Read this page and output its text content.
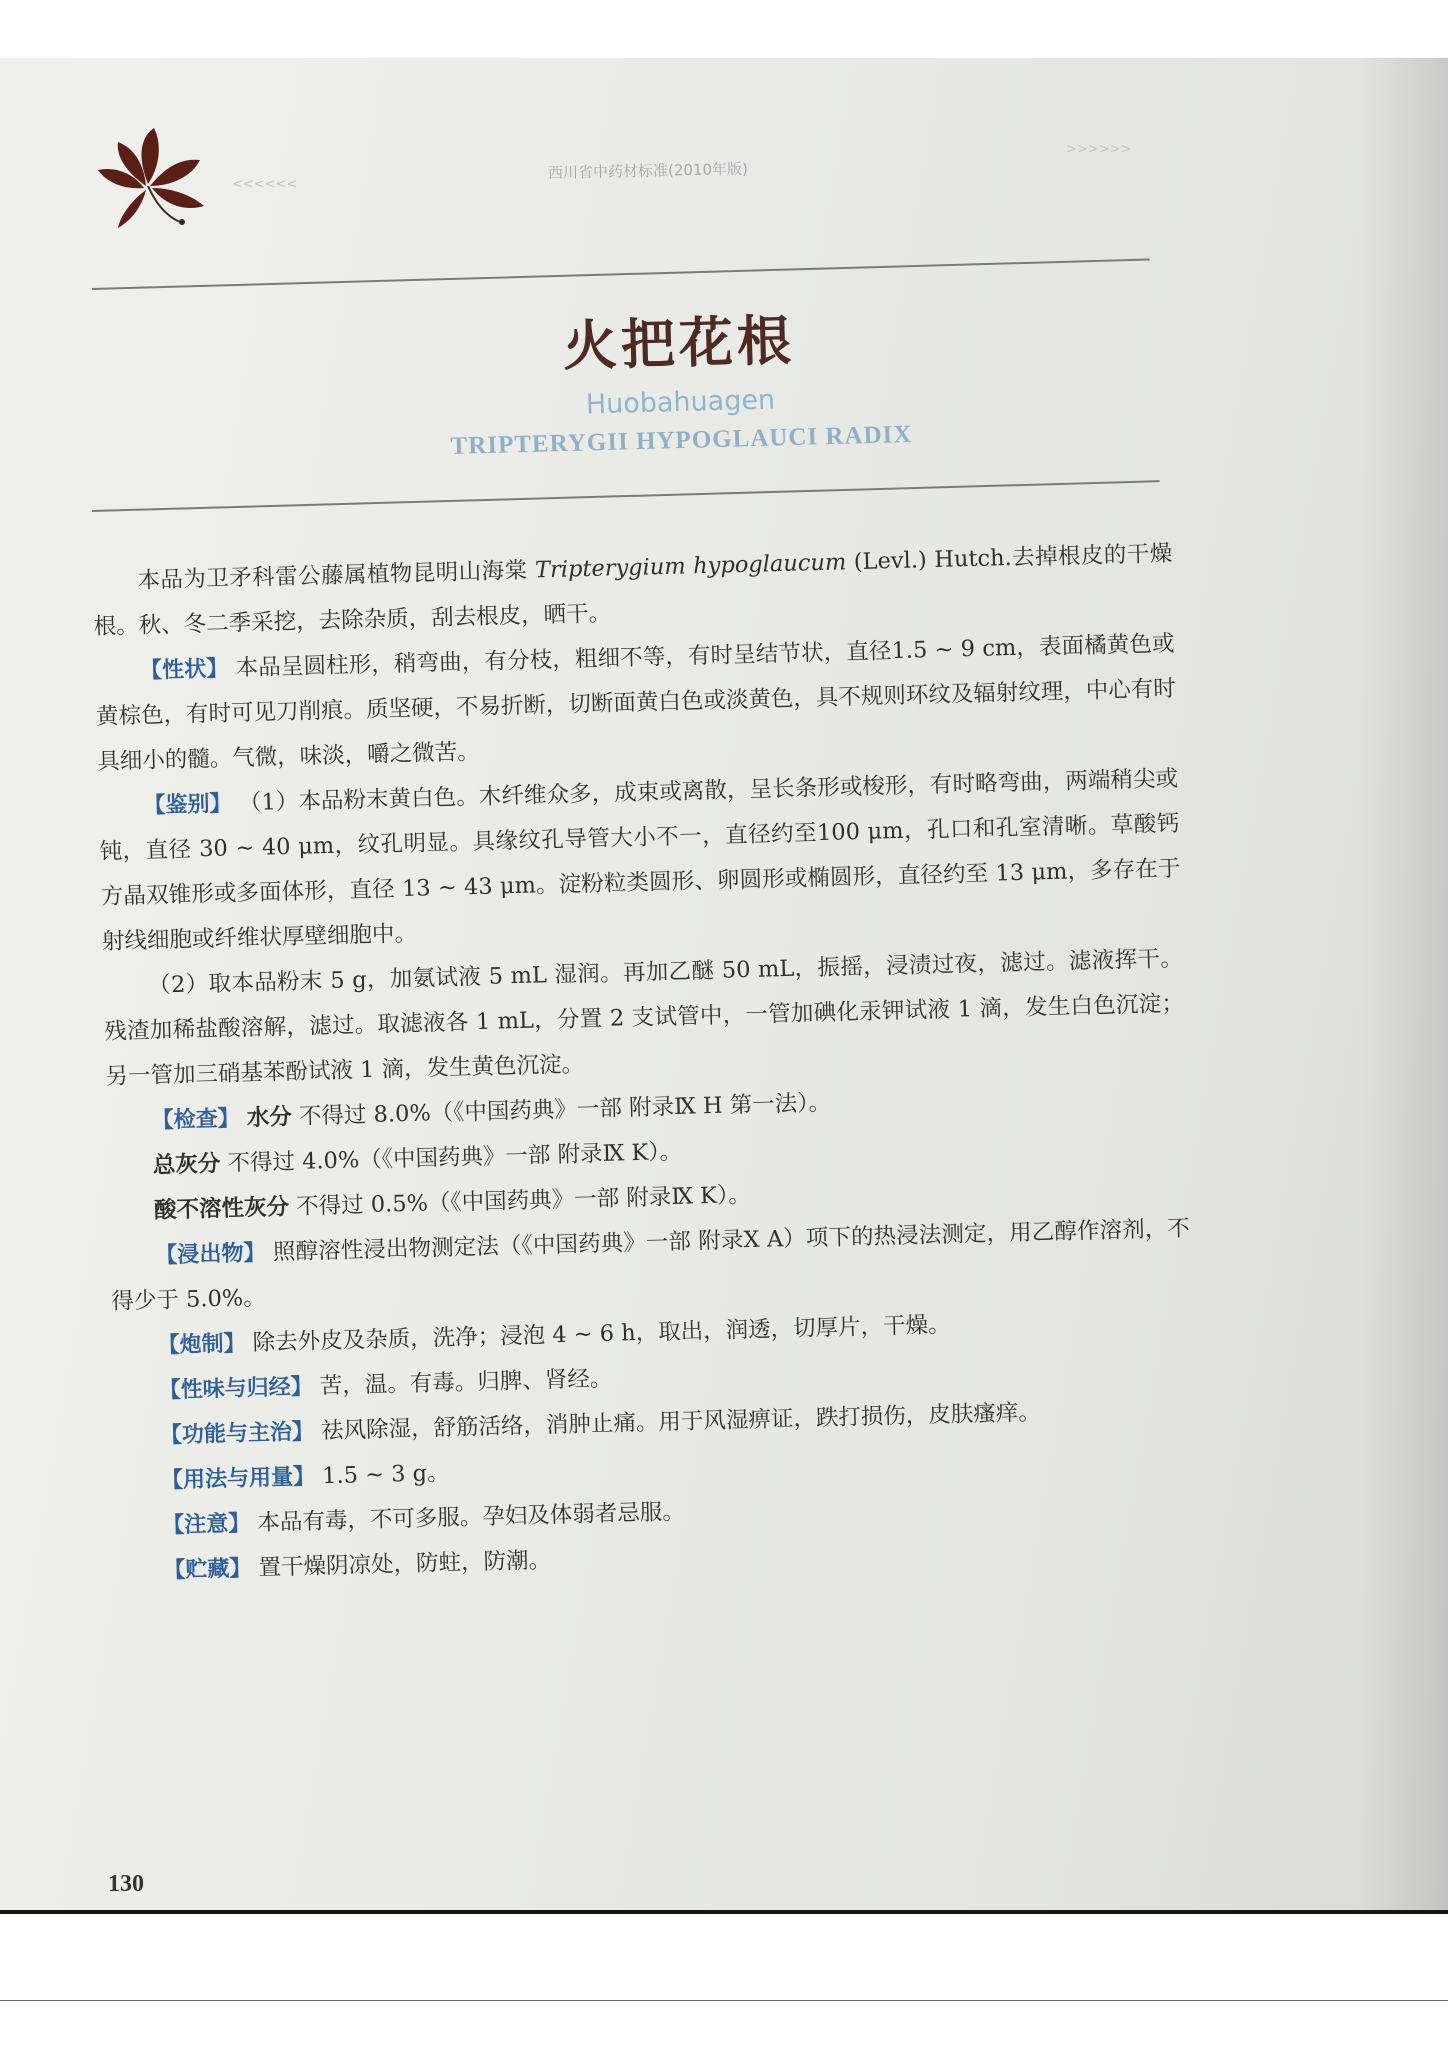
<<<<<<
西川省中药材标准(2010年版)
>>>>>>
火把花根
Huobahuagen
TRIPTERYGII HYPOGLAUCI RADIX

本品为卫矛科雷公藤属植物昆明山海棠 Tripterygium hypoglaucum (Levl.) Hutch.去掉根皮的干燥根。秋、冬二季采挖，去除杂质，刮去根皮，晒干。

【性状】 本品呈圆柱形，稍弯曲，有分枝，粗细不等，有时呈结节状，直径1.5 ~ 9 cm，表面橘黄色或黄棕色，有时可见刀削痕。质坚硬，不易折断，切断面黄白色或淡黄色，具不规则环纹及辐射纹理，中心有时具细小的髓。气微，味淡，嚼之微苦。

【鉴别】 （1）本品粉末黄白色。木纤维众多，成束或离散，呈长条形或梭形，有时略弯曲，两端稍尖或钝，直径 30 ~ 40 μm，纹孔明显。具缘纹孔导管大小不一，直径约至100 μm，孔口和孔室清晰。草酸钙方晶双锥形或多面体形，直径 13 ~ 43 μm。淀粉粒类圆形、卵圆形或椭圆形，直径约至 13 μm，多存在于射线细胞或纤维状厚壁细胞中。

（2）取本品粉末 5 g，加氨试液 5 mL 湿润。再加乙醚 50 mL，振摇，浸渍过夜，滤过。滤液挥干。残渣加稀盐酸溶解，滤过。取滤液各 1 mL，分置 2 支试管中，一管加碘化汞钾试液 1 滴，发生白色沉淀；另一管加三硝基苯酚试液 1 滴，发生黄色沉淀。

【检查】 水分 不得过 8.0%（《中国药典》一部 附录Ⅸ H 第一法）。

总灰分 不得过 4.0%（《中国药典》一部 附录Ⅸ K）。

酸不溶性灰分 不得过 0.5%（《中国药典》一部 附录Ⅸ K）。

【浸出物】 照醇溶性浸出物测定法（《中国药典》一部 附录Ⅹ A）项下的热浸法测定，用乙醇作溶剂，不得少于 5.0%。

【炮制】 除去外皮及杂质，洗净；浸泡 4 ~ 6 h，取出，润透，切厚片，干燥。

【性味与归经】 苦，温。有毒。归脾、肾经。

【功能与主治】 祛风除湿，舒筋活络，消肿止痛。用于风湿痹证，跌打损伤，皮肤瘙痒。

【用法与用量】 1.5 ~ 3 g。

【注意】 本品有毒，不可多服。孕妇及体弱者忌服。

【贮藏】 置干燥阴凉处，防蛀，防潮。

130
